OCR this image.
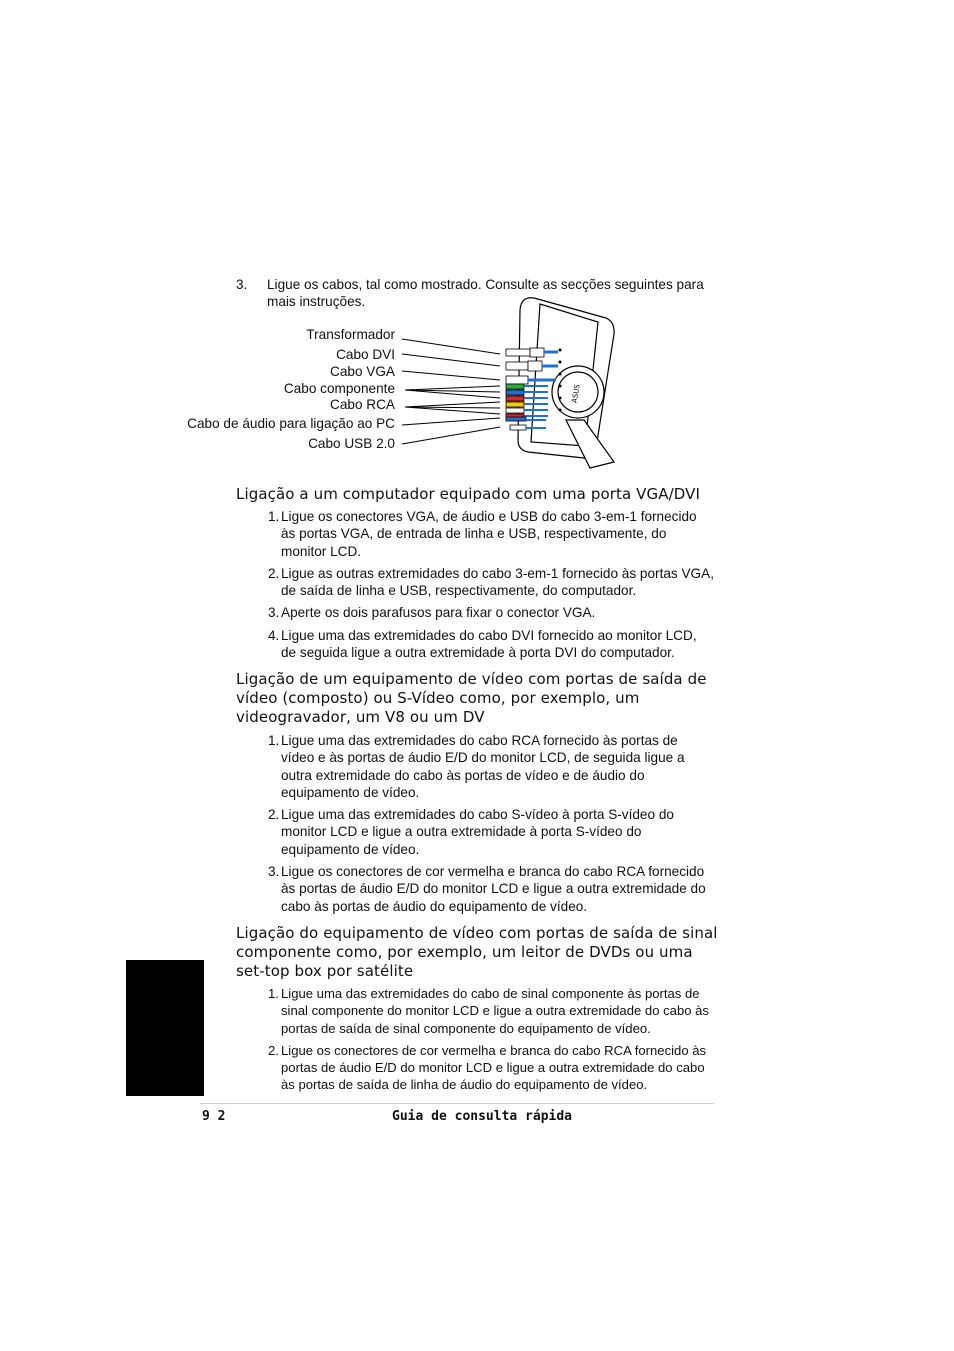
3. Ligue os cabos, tal como mostrado. Consulte as secções seguintes para mais instruções.
Transformador
Cabo DVI
Cabo VGA
Cabo componente
Cabo RCA
Cabo de áudio para ligação ao PC
Cabo USB 2.0
ASUS
Ligação a um computador equipado com uma porta VGA/DVI
1. Ligue os conectores VGA, de áudio e USB do cabo 3-em-1 fornecido às portas VGA, de entrada de linha e USB, respectivamente, do monitor LCD.
2. Ligue as outras extremidades do cabo 3-em-1 fornecido às portas VGA, de saída de linha e USB, respectivamente, do computador.
3. Aperte os dois parafusos para fixar o conector VGA.
4. Ligue uma das extremidades do cabo DVI fornecido ao monitor LCD, de seguida ligue a outra extremidade à porta DVI do computador.
Ligação de um equipamento de vídeo com portas de saída de vídeo (composto) ou S-Vídeo como, por exemplo, um videogravador, um V8 ou um DV
1. Ligue uma das extremidades do cabo RCA fornecido às portas de vídeo e às portas de áudio E/D do monitor LCD, de seguida ligue a outra extremidade do cabo às portas de vídeo e de áudio do equipamento de vídeo.
2. Ligue uma das extremidades do cabo S-vídeo à porta S-vídeo do monitor LCD e ligue a outra extremidade à porta S-vídeo do equipamento de vídeo.
3. Ligue os conectores de cor vermelha e branca do cabo RCA fornecido às portas de áudio E/D do monitor LCD e ligue a outra extremidade do cabo às portas de áudio do equipamento de vídeo.
Ligação do equipamento de vídeo com portas de saída de sinal componente como, por exemplo, um leitor de DVDs ou uma set-top box por satélite
1. Ligue uma das extremidades do cabo de sinal componente às portas de sinal componente do monitor LCD e ligue a outra extremidade do cabo às portas de saída de sinal componente do equipamento de vídeo.
2. Ligue os conectores de cor vermelha e branca do cabo RCA fornecido às portas de áudio E/D do monitor LCD e ligue a outra extremidade do cabo às portas de saída de linha de áudio do equipamento de vídeo.
9 2	Guia de consulta rápida
